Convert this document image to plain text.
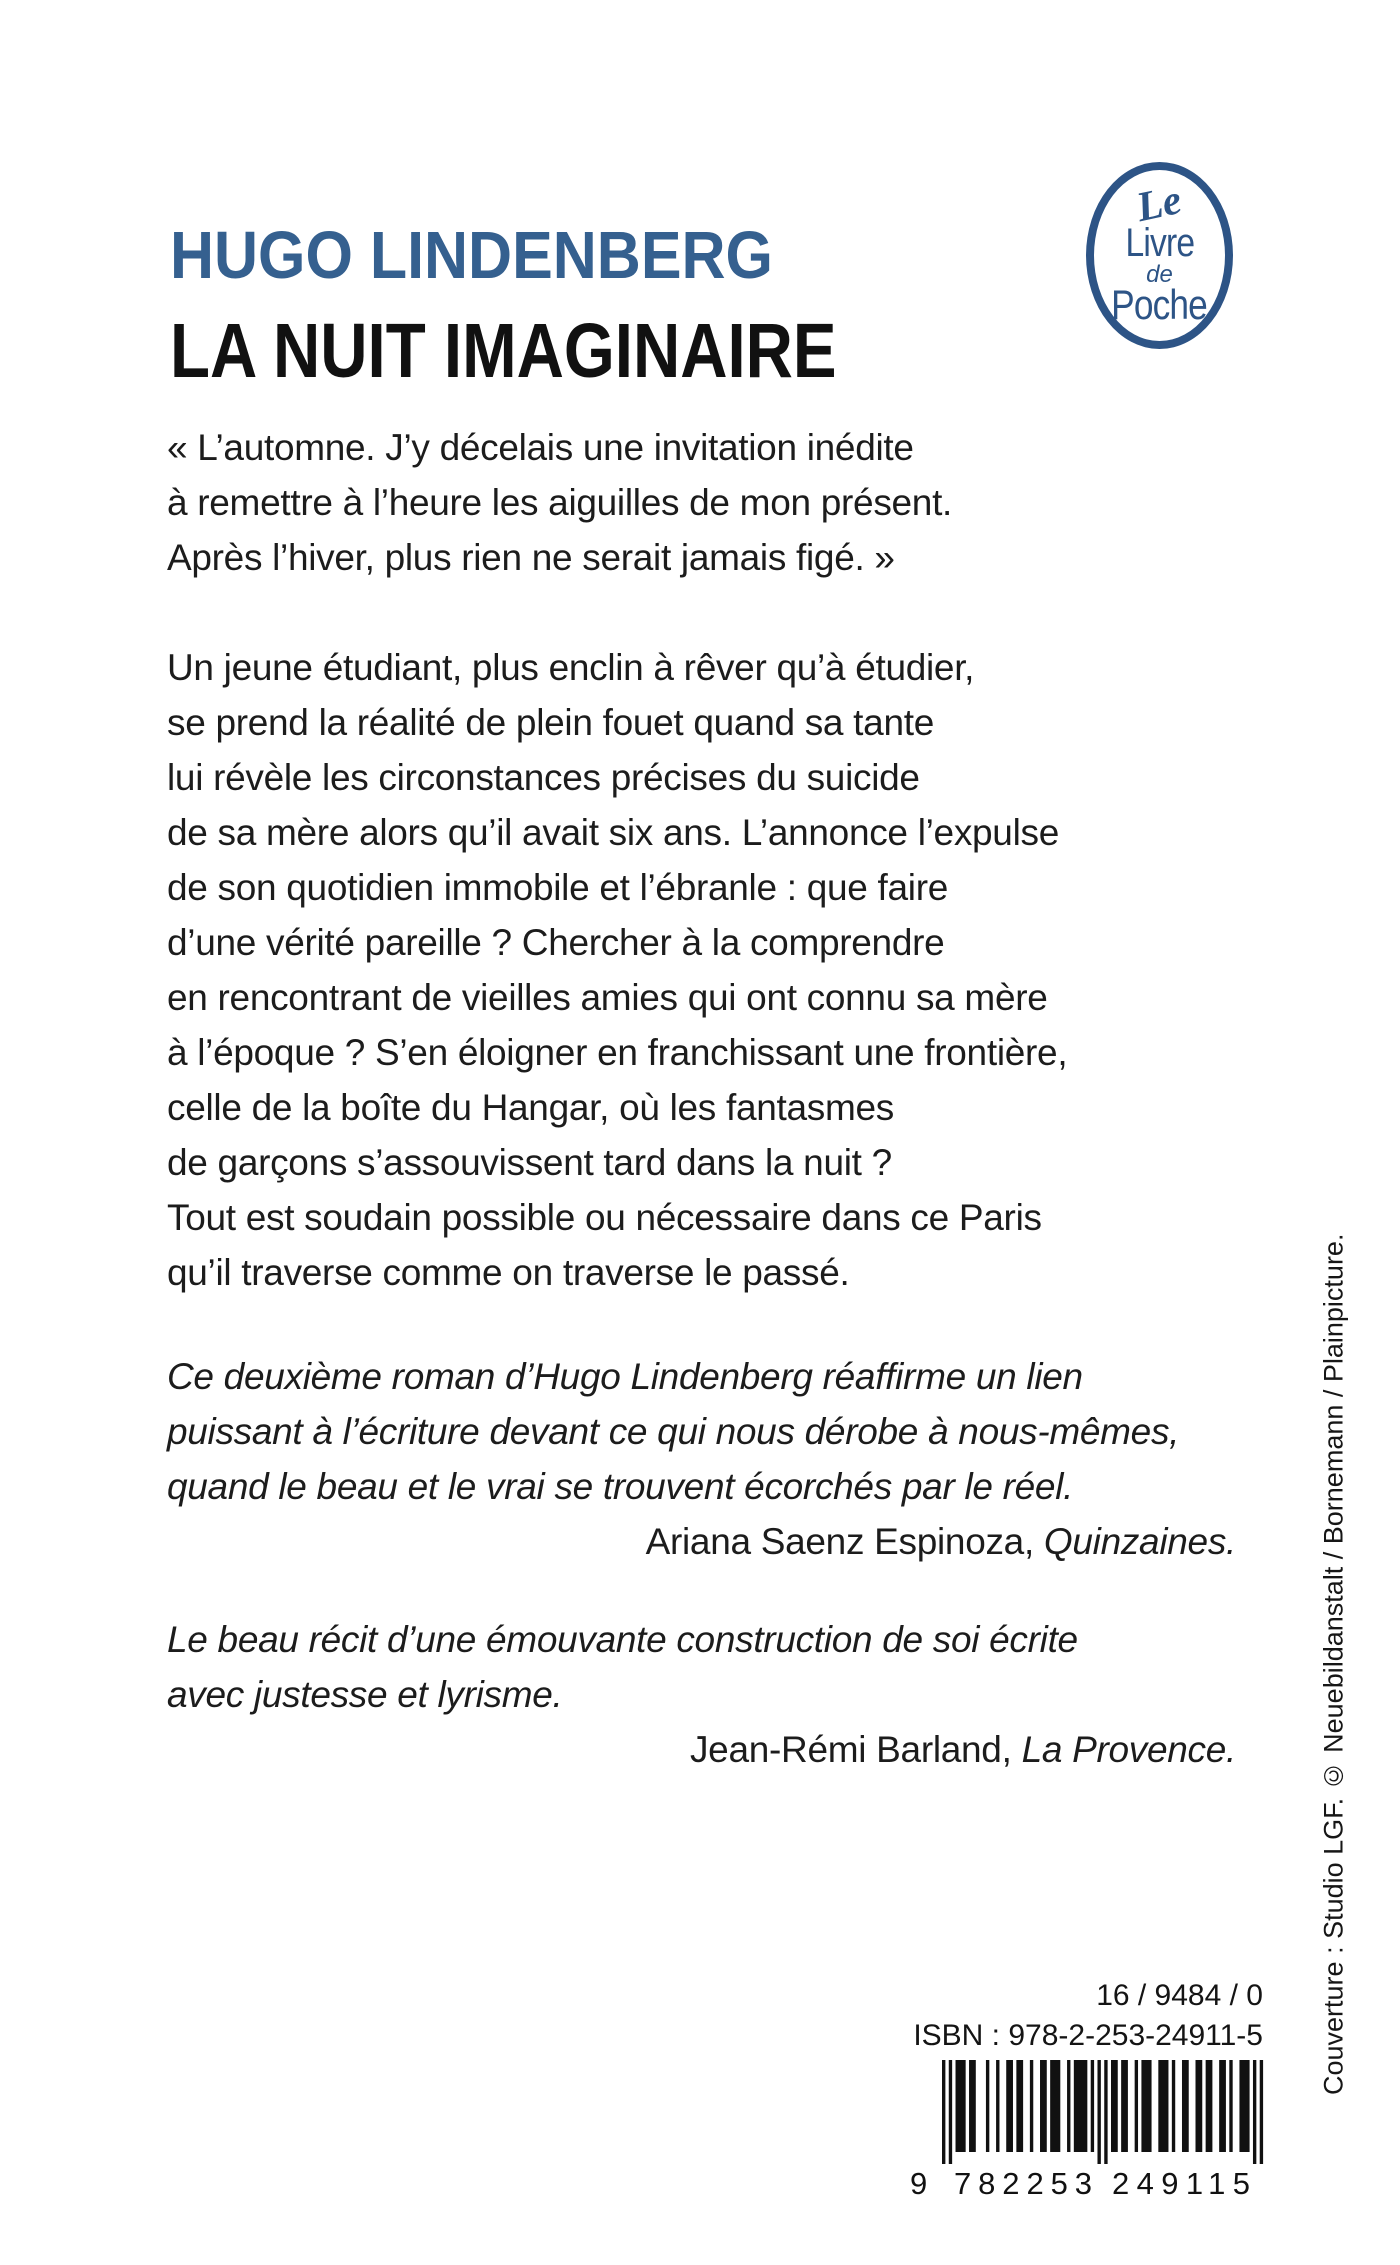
HUGO LINDENBERG
LA NUIT IMAGINAIRE
Le
Livre
de
Poche
« L’automne. J’y décelais une invitation inédite
à remettre à l’heure les aiguilles de mon présent.
Après l’hiver, plus rien ne serait jamais figé. »
Un jeune étudiant, plus enclin à rêver qu’à étudier,
se prend la réalité de plein fouet quand sa tante
lui révèle les circonstances précises du suicide
de sa mère alors qu’il avait six ans. L’annonce l’expulse
de son quotidien immobile et l’ébranle : que faire
d’une vérité pareille ? Chercher à la comprendre
en rencontrant de vieilles amies qui ont connu sa mère
à l’époque ? S’en éloigner en franchissant une frontière,
celle de la boîte du Hangar, où les fantasmes
de garçons s’assouvissent tard dans la nuit ?
Tout est soudain possible ou nécessaire dans ce Paris
qu’il traverse comme on traverse le passé.
Ce deuxième roman d’Hugo Lindenberg réaffirme un lien
puissant à l’écriture devant ce qui nous dérobe à nous-mêmes,
quand le beau et le vrai se trouvent écorchés par le réel.
Ariana Saenz Espinoza, Quinzaines.
Le beau récit d’une émouvante construction de soi écrite
avec justesse et lyrisme.
Jean-Rémi Barland, La Provence.
16 / 9484 / 0
ISBN : 978-2-253-24911-5
9 782253 249115
Couverture : Studio LGF. © Neuebildanstalt / Bornemann / Plainpicture.
